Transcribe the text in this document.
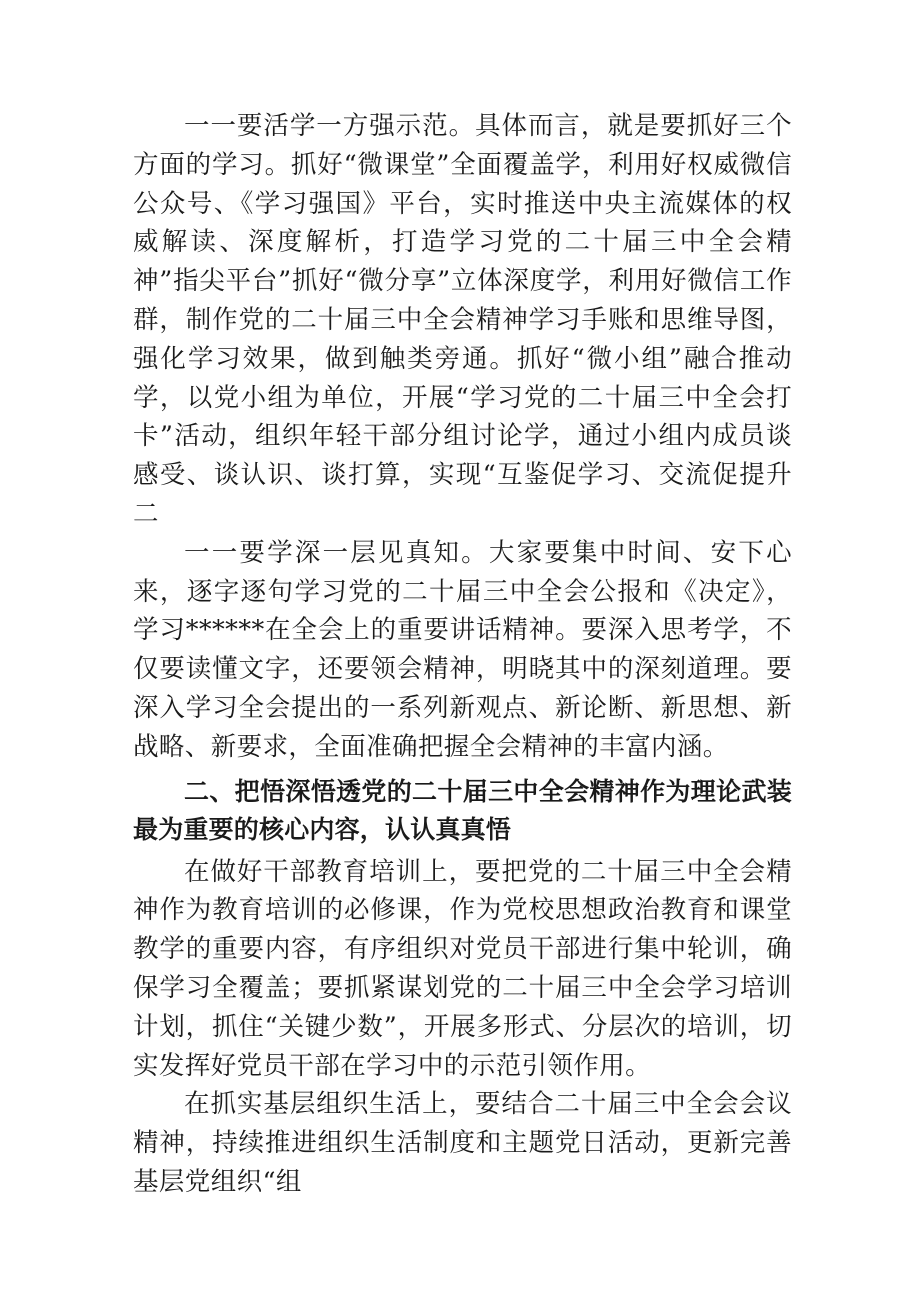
一一要活学一方强示范。具体而言，就是要抓好三个方面的学习。抓好“微课堂”全面覆盖学，利用好权威微信公众号、《学习强国》平台，实时推送中央主流媒体的权威解读、深度解析，打造学习党的二十届三中全会精神”指尖平台”抓好“微分享”立体深度学，利用好微信工作群，制作党的二十届三中全会精神学习手账和思维导图，强化学习效果，做到触类旁通。抓好“微小组”融合推动学，以党小组为单位，开展“学习党的二十届三中全会打卡”活动，组织年轻干部分组讨论学，通过小组内成员谈感受、谈认识、谈打算，实现“互鉴促学习、交流促提升二

一一要学深一层见真知。大家要集中时间、安下心来，逐字逐句学习党的二十届三中全会公报和《决定》，学习******在全会上的重要讲话精神。要深入思考学，不仅要读懂文字，还要领会精神，明晓其中的深刻道理。要深入学习全会提出的一系列新观点、新论断、新思想、新战略、新要求，全面准确把握全会精神的丰富内涵。

二、把悟深悟透党的二十届三中全会精神作为理论武装最为重要的核心内容，认认真真悟

在做好干部教育培训上，要把党的二十届三中全会精神作为教育培训的必修课，作为党校思想政治教育和课堂教学的重要内容，有序组织对党员干部进行集中轮训，确保学习全覆盖；要抓紧谋划党的二十届三中全会学习培训计划，抓住“关键少数”，开展多形式、分层次的培训，切实发挥好党员干部在学习中的示范引领作用。

在抓实基层组织生活上，要结合二十届三中全会会议精神，持续推进组织生活制度和主题党日活动，更新完善基层党组织“组
